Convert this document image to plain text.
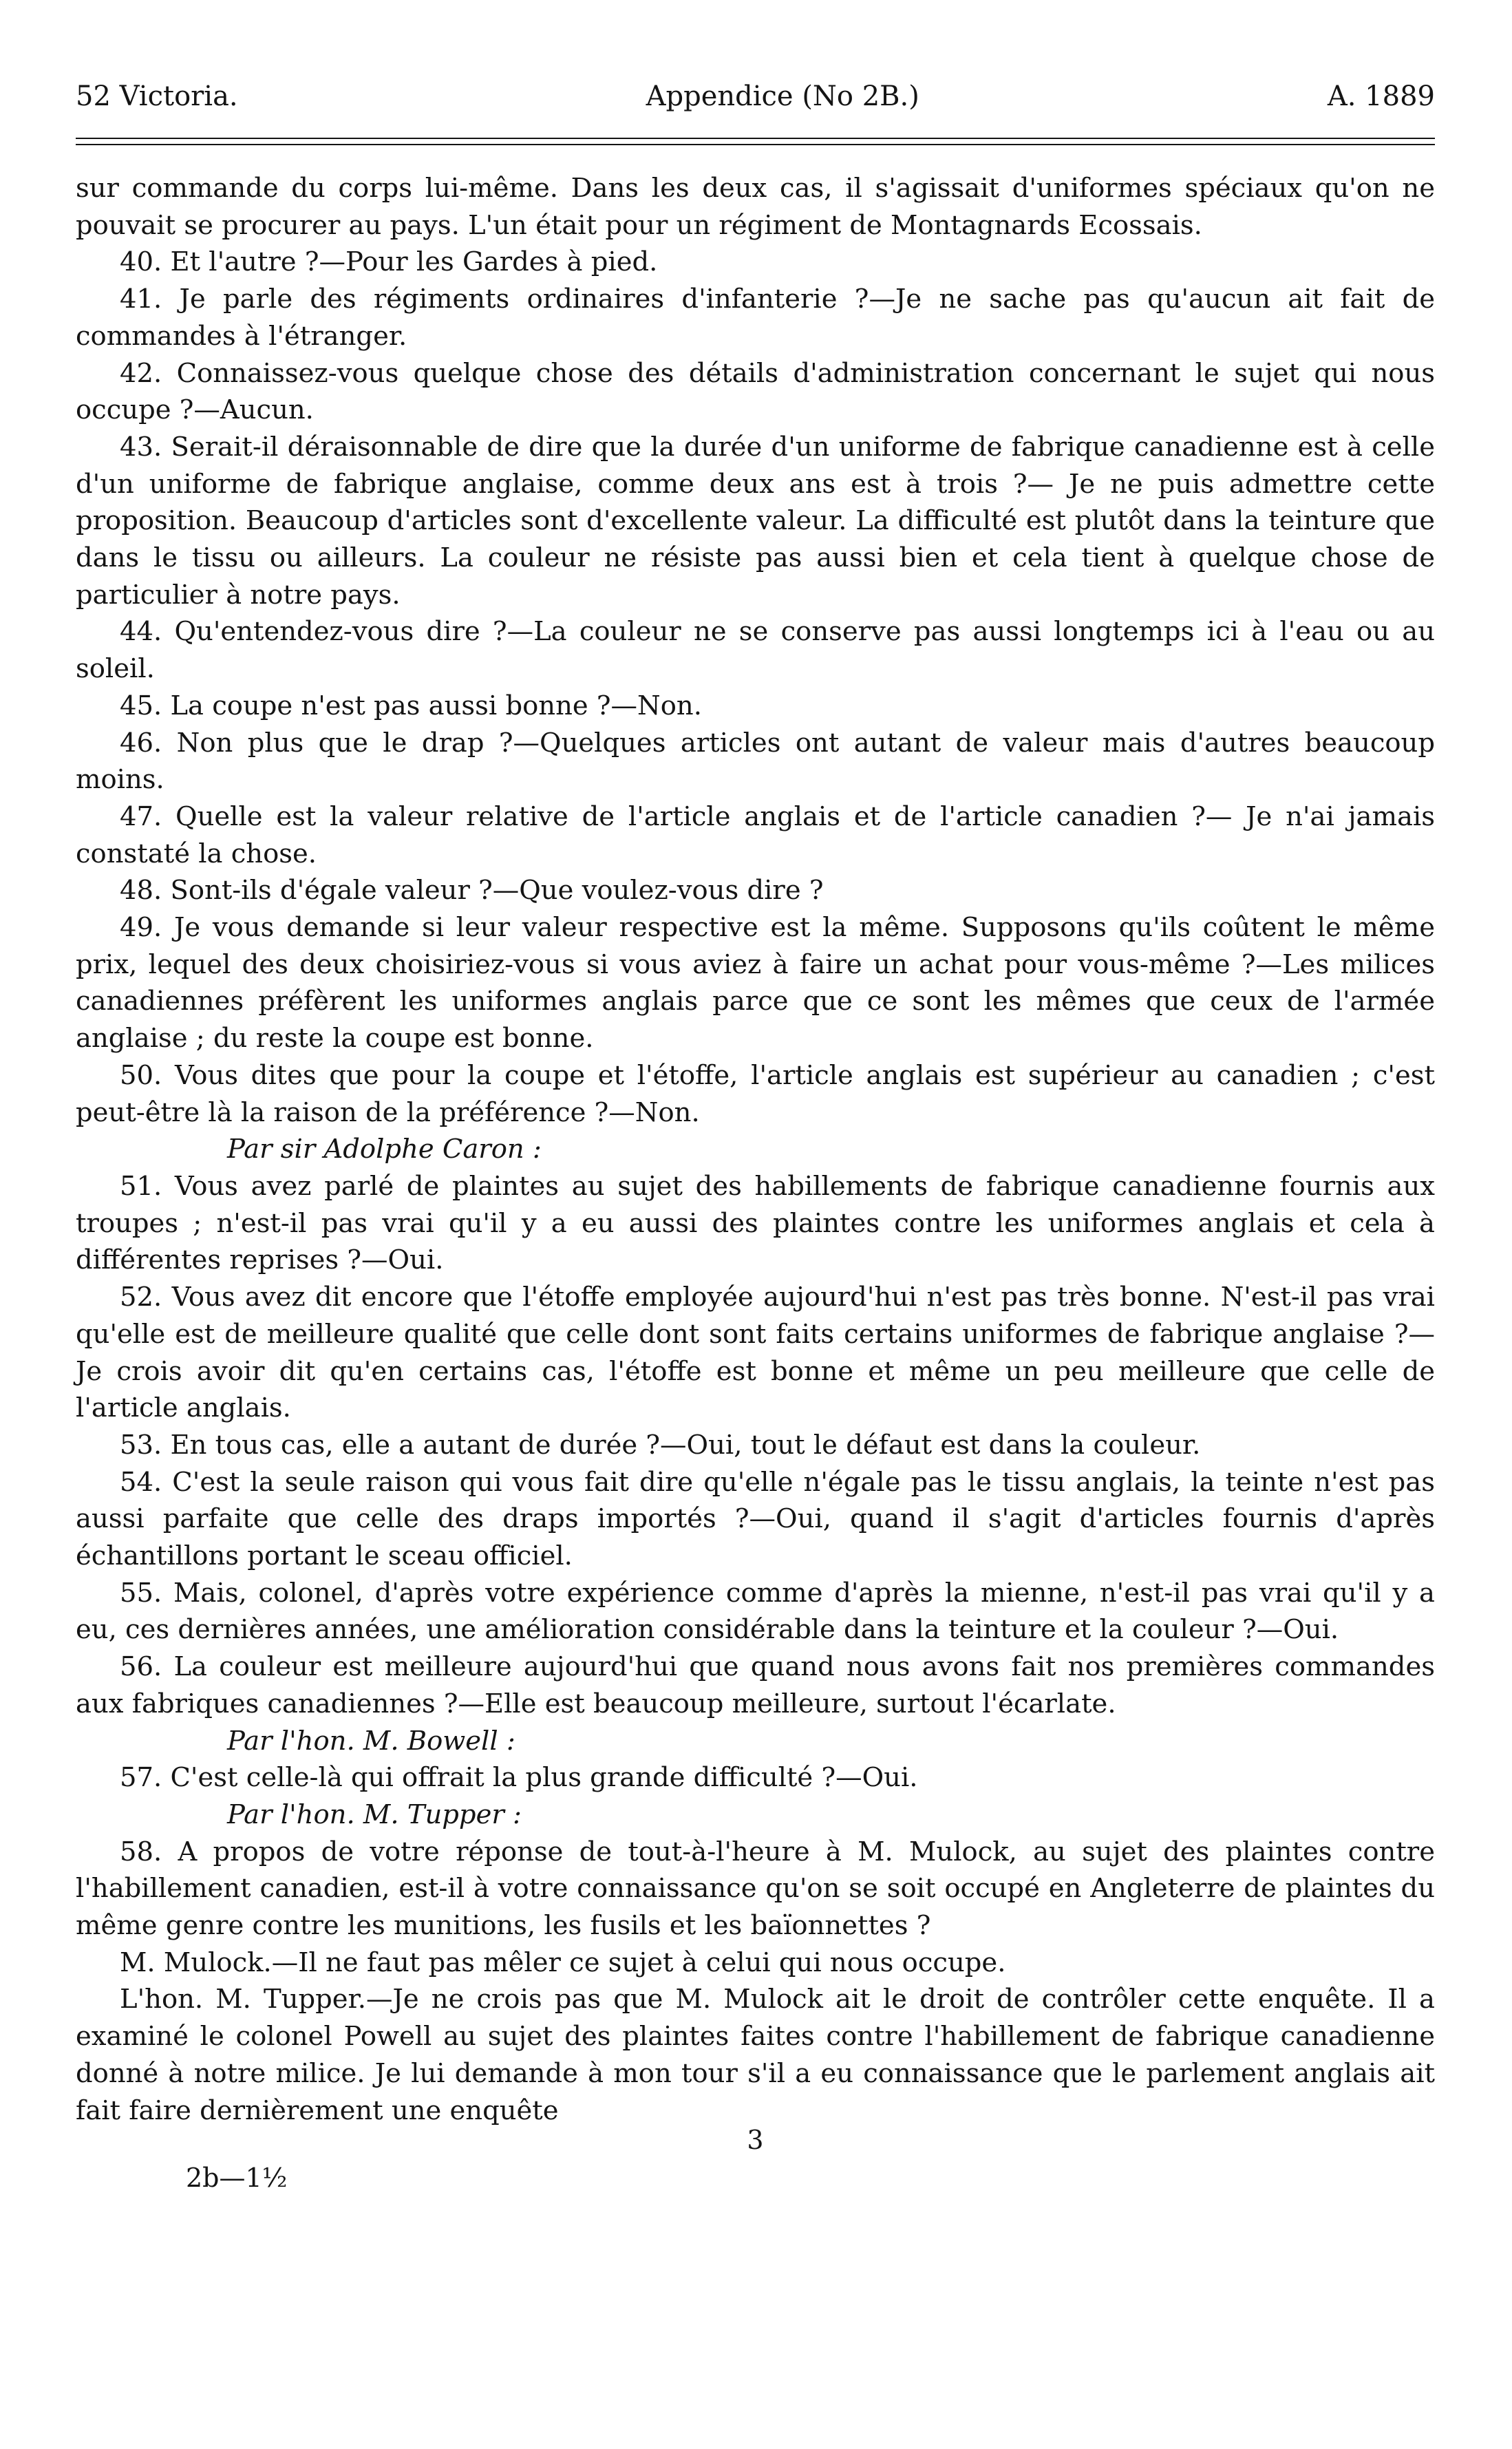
52 Victoria.	Appendice (No 2B.)	A. 1889

sur commande du corps lui-même. Dans les deux cas, il s'agissait d'uniformes spéciaux qu'on ne pouvait se procurer au pays. L'un était pour un régiment de Montagnards Ecossais.

40. Et l'autre ?—Pour les Gardes à pied.

41. Je parle des régiments ordinaires d'infanterie ?—Je ne sache pas qu'aucun ait fait de commandes à l'étranger.

42. Connaissez-vous quelque chose des détails d'administration concernant le sujet qui nous occupe ?—Aucun.

43. Serait-il déraisonnable de dire que la durée d'un uniforme de fabrique canadienne est à celle d'un uniforme de fabrique anglaise, comme deux ans est à trois ?— Je ne puis admettre cette proposition. Beaucoup d'articles sont d'excellente valeur. La difficulté est plutôt dans la teinture que dans le tissu ou ailleurs. La couleur ne résiste pas aussi bien et cela tient à quelque chose de particulier à notre pays.

44. Qu'entendez-vous dire ?—La couleur ne se conserve pas aussi longtemps ici à l'eau ou au soleil.

45. La coupe n'est pas aussi bonne ?—Non.

46. Non plus que le drap ?—Quelques articles ont autant de valeur mais d'autres beaucoup moins.

47. Quelle est la valeur relative de l'article anglais et de l'article canadien ?— Je n'ai jamais constaté la chose.

48. Sont-ils d'égale valeur ?—Que voulez-vous dire ?

49. Je vous demande si leur valeur respective est la même. Supposons qu'ils coûtent le même prix, lequel des deux choisiriez-vous si vous aviez à faire un achat pour vous-même ?—Les milices canadiennes préfèrent les uniformes anglais parce que ce sont les mêmes que ceux de l'armée anglaise ; du reste la coupe est bonne.

50. Vous dites que pour la coupe et l'étoffe, l'article anglais est supérieur au canadien ; c'est peut-être là la raison de la préférence ?—Non.

Par sir Adolphe Caron :

51. Vous avez parlé de plaintes au sujet des habillements de fabrique canadienne fournis aux troupes ; n'est-il pas vrai qu'il y a eu aussi des plaintes contre les uniformes anglais et cela à différentes reprises ?—Oui.

52. Vous avez dit encore que l'étoffe employée aujourd'hui n'est pas très bonne. N'est-il pas vrai qu'elle est de meilleure qualité que celle dont sont faits certains uniformes de fabrique anglaise ?—Je crois avoir dit qu'en certains cas, l'étoffe est bonne et même un peu meilleure que celle de l'article anglais.

53. En tous cas, elle a autant de durée ?—Oui, tout le défaut est dans la couleur.

54. C'est la seule raison qui vous fait dire qu'elle n'égale pas le tissu anglais, la teinte n'est pas aussi parfaite que celle des draps importés ?—Oui, quand il s'agit d'articles fournis d'après échantillons portant le sceau officiel.

55. Mais, colonel, d'après votre expérience comme d'après la mienne, n'est-il pas vrai qu'il y a eu, ces dernières années, une amélioration considérable dans la teinture et la couleur ?—Oui.

56. La couleur est meilleure aujourd'hui que quand nous avons fait nos premières commandes aux fabriques canadiennes ?—Elle est beaucoup meilleure, surtout l'écarlate.

Par l'hon. M. Bowell :

57. C'est celle-là qui offrait la plus grande difficulté ?—Oui.

Par l'hon. M. Tupper :

58. A propos de votre réponse de tout-à-l'heure à M. Mulock, au sujet des plaintes contre l'habillement canadien, est-il à votre connaissance qu'on se soit occupé en Angleterre de plaintes du même genre contre les munitions, les fusils et les baïonnettes ?

M. Mulock.—Il ne faut pas mêler ce sujet à celui qui nous occupe.

L'hon. M. Tupper.—Je ne crois pas que M. Mulock ait le droit de contrôler cette enquête. Il a examiné le colonel Powell au sujet des plaintes faites contre l'habillement de fabrique canadienne donné à notre milice. Je lui demande à mon tour s'il a eu connaissance que le parlement anglais ait fait faire dernièrement une enquête

3
2b—1½
